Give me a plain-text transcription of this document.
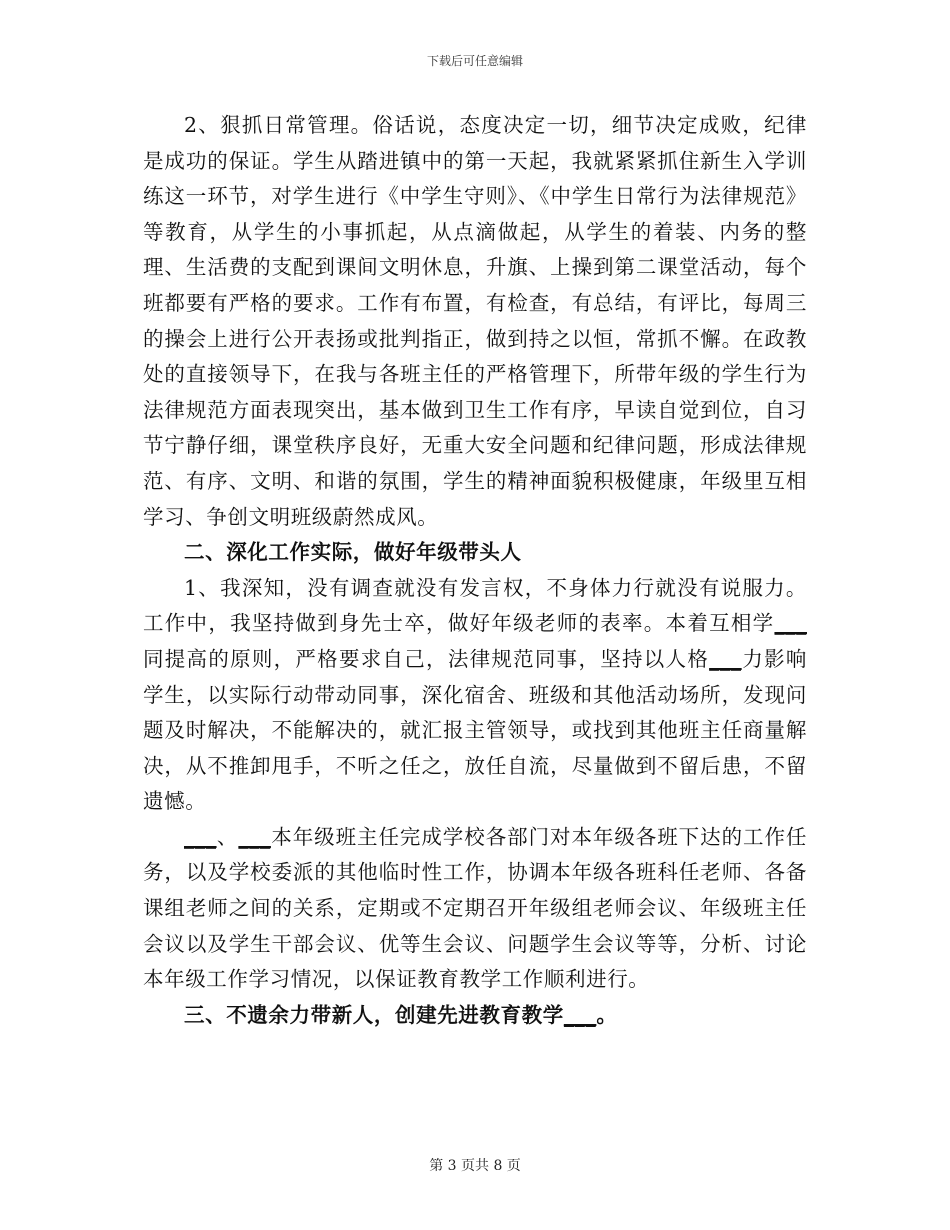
下载后可任意编辑

2、狠抓日常管理。俗话说，态度决定一切，细节决定成败，纪律是成功的保证。学生从踏进镇中的第一天起，我就紧紧抓住新生入学训练这一环节，对学生进行《中学生守则》、《中学生日常行为法律规范》等教育，从学生的小事抓起，从点滴做起，从学生的着装、内务的整理、生活费的支配到课间文明休息，升旗、上操到第二课堂活动，每个班都要有严格的要求。工作有布置，有检查，有总结，有评比，每周三的操会上进行公开表扬或批判指正，做到持之以恒，常抓不懈。在政教处的直接领导下，在我与各班主任的严格管理下，所带年级的学生行为法律规范方面表现突出，基本做到卫生工作有序，早读自觉到位，自习节宁静仔细，课堂秩序良好，无重大安全问题和纪律问题，形成法律规范、有序、文明、和谐的氛围，学生的精神面貌积极健康，年级里互相学习、争创文明班级蔚然成风。

二、深化工作实际，做好年级带头人

1、我深知，没有调查就没有发言权，不身体力行就没有说服力。工作中，我坚持做到身先士卒，做好年级老师的表率。本着互相学___同提高的原则，严格要求自己，法律规范同事，坚持以人格___力影响学生，以实际行动带动同事，深化宿舍、班级和其他活动场所，发现问题及时解决，不能解决的，就汇报主管领导，或找到其他班主任商量解决，从不推卸甩手，不听之任之，放任自流，尽量做到不留后患，不留遗憾。

___、___本年级班主任完成学校各部门对本年级各班下达的工作任务，以及学校委派的其他临时性工作，协调本年级各班科任老师、各备课组老师之间的关系，定期或不定期召开年级组老师会议、年级班主任会议以及学生干部会议、优等生会议、问题学生会议等等，分析、讨论本年级工作学习情况，以保证教育教学工作顺利进行。

三、不遗余力带新人，创建先进教育教学___。

第 3 页共 8 页
